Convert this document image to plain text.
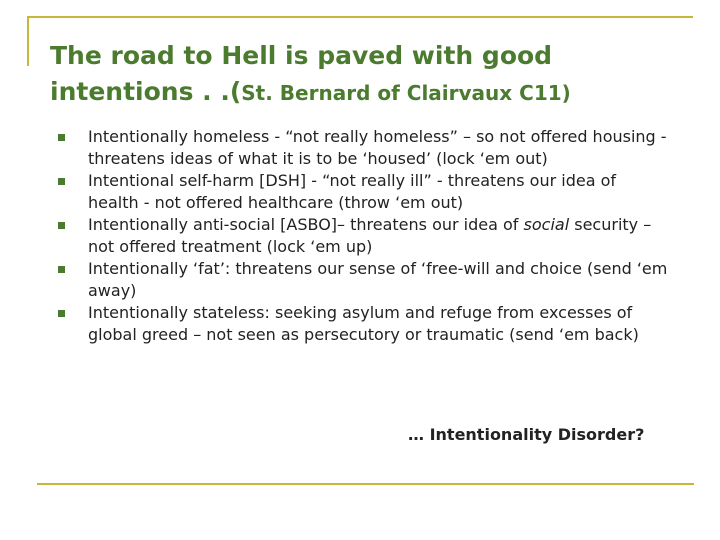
The road to Hell is paved with good intentions . .(St. Bernard of Clairvaux C11)
Intentionally homeless - “not really homeless” – so not offered housing - threatens ideas of what it is to be ‘housed’ (lock ‘em out)
Intentional self-harm [DSH] - “not really ill” - threatens our idea of health - not offered healthcare (throw ‘em out)
Intentionally anti-social [ASBO]– threatens our idea of social security – not offered treatment (lock ‘em up)
Intentionally ‘fat’: threatens our sense of ‘free-will and choice (send ‘em away)
Intentionally stateless: seeking asylum and refuge from excesses of global greed – not seen as persecutory or traumatic (send ‘em back)
… Intentionality Disorder?
